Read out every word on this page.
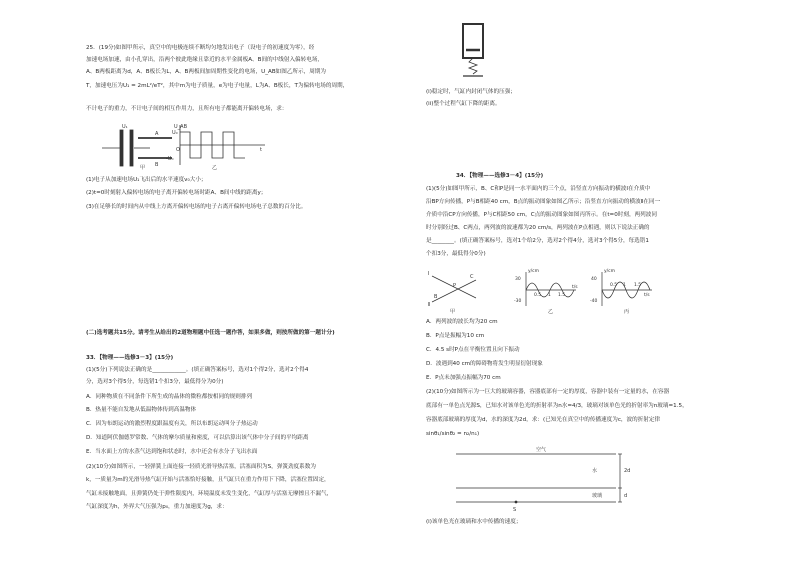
25．(19分)如图甲所示，真空中的电极连续不断均匀地发出电子（设电子的初速度为零），经
加速电场加速，由小孔穿出，沿两个彼此绝缘且靠近的水平金属板A、B间的中线射入偏转电场，
A、B两板距离为d，A、B板长为L，A、B两板间加周期性变化的电场，U_AB如图乙所示，周期为
T，加速电压为U₁ = 2mL²/eT²，其中m为电子质量，e为电子电量，L为A、B板长，T为偏转电场的周期，
不计电子的重力，不计电子间的相互作用力，且所有电子都能离开偏转电场，求：
U₁
A
B
甲
U_AB
U₀
-U₀
O	t
乙
(1)电子从加速电场U₁飞出后的水平速度v₀大小；
(2)t=0时刻射入偏转电场的电子离开偏转电场时距A、B间中线的距离y；
(3)在足够长的时间内从中线上方离开偏转电场的电子占离开偏转电场电子总数的百分比。
(二)选考题共15分。请考生从给出的2道物理题中任选一题作答，如果多做，则按所做的第一题计分)
33．【物理——选修3－3】(15分)
(1)(5分)下列说法正确的是____________。(填正确答案标号，选对1个得2分，选对2个得4
分，选对3个得5分，每选错1个扣3分，最低得分为0分)
A．同种物质在不同条件下所生成的晶体的微粒都按相同的规则排列
B．热量不能自发地从低温物体传到高温物体
C．因为布朗运动的激烈程度跟温度有关，所以布朗运动叫分子热运动
D．知道阿伏伽德罗常数、气体的摩尔质量和密度，可以估算出该气体中分子间的平均距离
E．当水面上方的水蒸气达到饱和状态时，水中还会有水分子飞出水面
(2)(10分)如图所示，一轻弹簧上面连接一轻质光滑导热活塞，活塞面积为S，弹簧劲度系数为
k，一质量为m的光滑导热气缸开始与活塞恰好接触，且气缸只在重力作用下下降，活塞位置固定，
气缸未接触地面，且弹簧仍处于弹性限度内，环境温度未发生变化，气缸厚与活塞无摩擦且不漏气，
气缸深度为h，外界大气压强为p₀，重力加速度为g，求：
(i)稳定时，气缸内封闭气体的压强；
(ii)整个过程气缸下降的距离。
34．【物理——选修3－4】(15分)
(1)(5分)如图甲所示，B、C和P是同一水平面内的三个点，沿竖直方向振动的横波Ⅰ在介质中
沿BP方向传播，P与B相距40 cm，B点的振动图象如图乙所示；沿竖直方向振动的横波Ⅱ在同一
介质中沿CP方向传播，P与C相距50 cm，C点的振动图象如图丙所示。在t=0时刻，两列波同
时分别经过B、C两点，两列波的波速都为20 cm/s，两列波在P点相遇，则以下说法正确的
是________。(填正确答案标号，选对1个给2分，选对2个得4分，选对3个得5分，每选错1
个扣3分，最低得分0分)
Ⅰ
Ⅱ
P
B
C
甲
y/cm
30
-30
0.5 1 1.5
t/s
乙
y/cm
40
-40
0.5 1 1.5
t/s
丙
A．两列波的波长均为20 cm
B．P点是振幅为10 cm
C．4.5 s时P点在平衡位置且向下振动
D．波遇到40 cm的障碍物将发生明显衍射现象
E．P点未加强点振幅为70 cm
(2)(10分)如图所示为一巨大的玻璃容器，容器底部有一定的厚度，容器中装有一定量的水，在容器
底部有一单色点光源S，已知水对该单色光的折射率为n水=4/3，玻璃对该单色光的折射率为n玻璃=1.5，
容器底部玻璃的厚度为d，水的深度为2d，求：(已知光在真空中的传播速度为c，波的折射定律
sinθ₁/sinθ₂ = n₂/n₁)
空气
水
玻璃
2d
d
S
(i)该单色光在玻璃和水中传播的速度；
